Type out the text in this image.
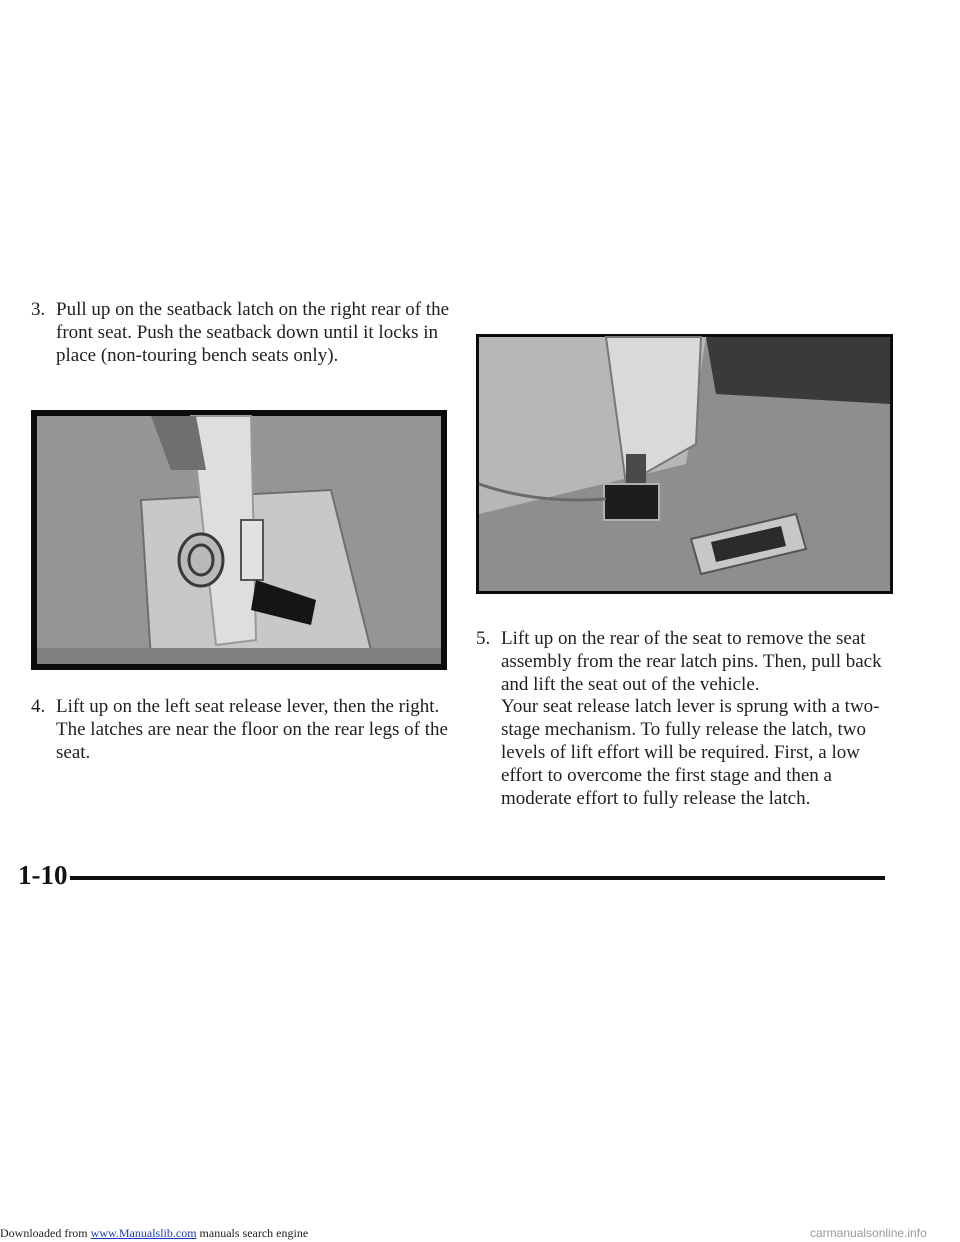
3. Pull up on the seatback latch on the right rear of the front seat. Push the seatback down until it locks in place (non-touring bench seats only).
4. Lift up on the left seat release lever, then the right. The latches are near the floor on the rear legs of the seat.
5. Lift up on the rear of the seat to remove the seat assembly from the rear latch pins. Then, pull back and lift the seat out of the vehicle.
Your seat release latch lever is sprung with a two-stage mechanism. To fully release the latch, two levels of lift effort will be required. First, a low effort to overcome the first stage and then a moderate effort to fully release the latch.
1-10
Downloaded from www.Manualslib.com manuals search engine	carmanualsonline.info
